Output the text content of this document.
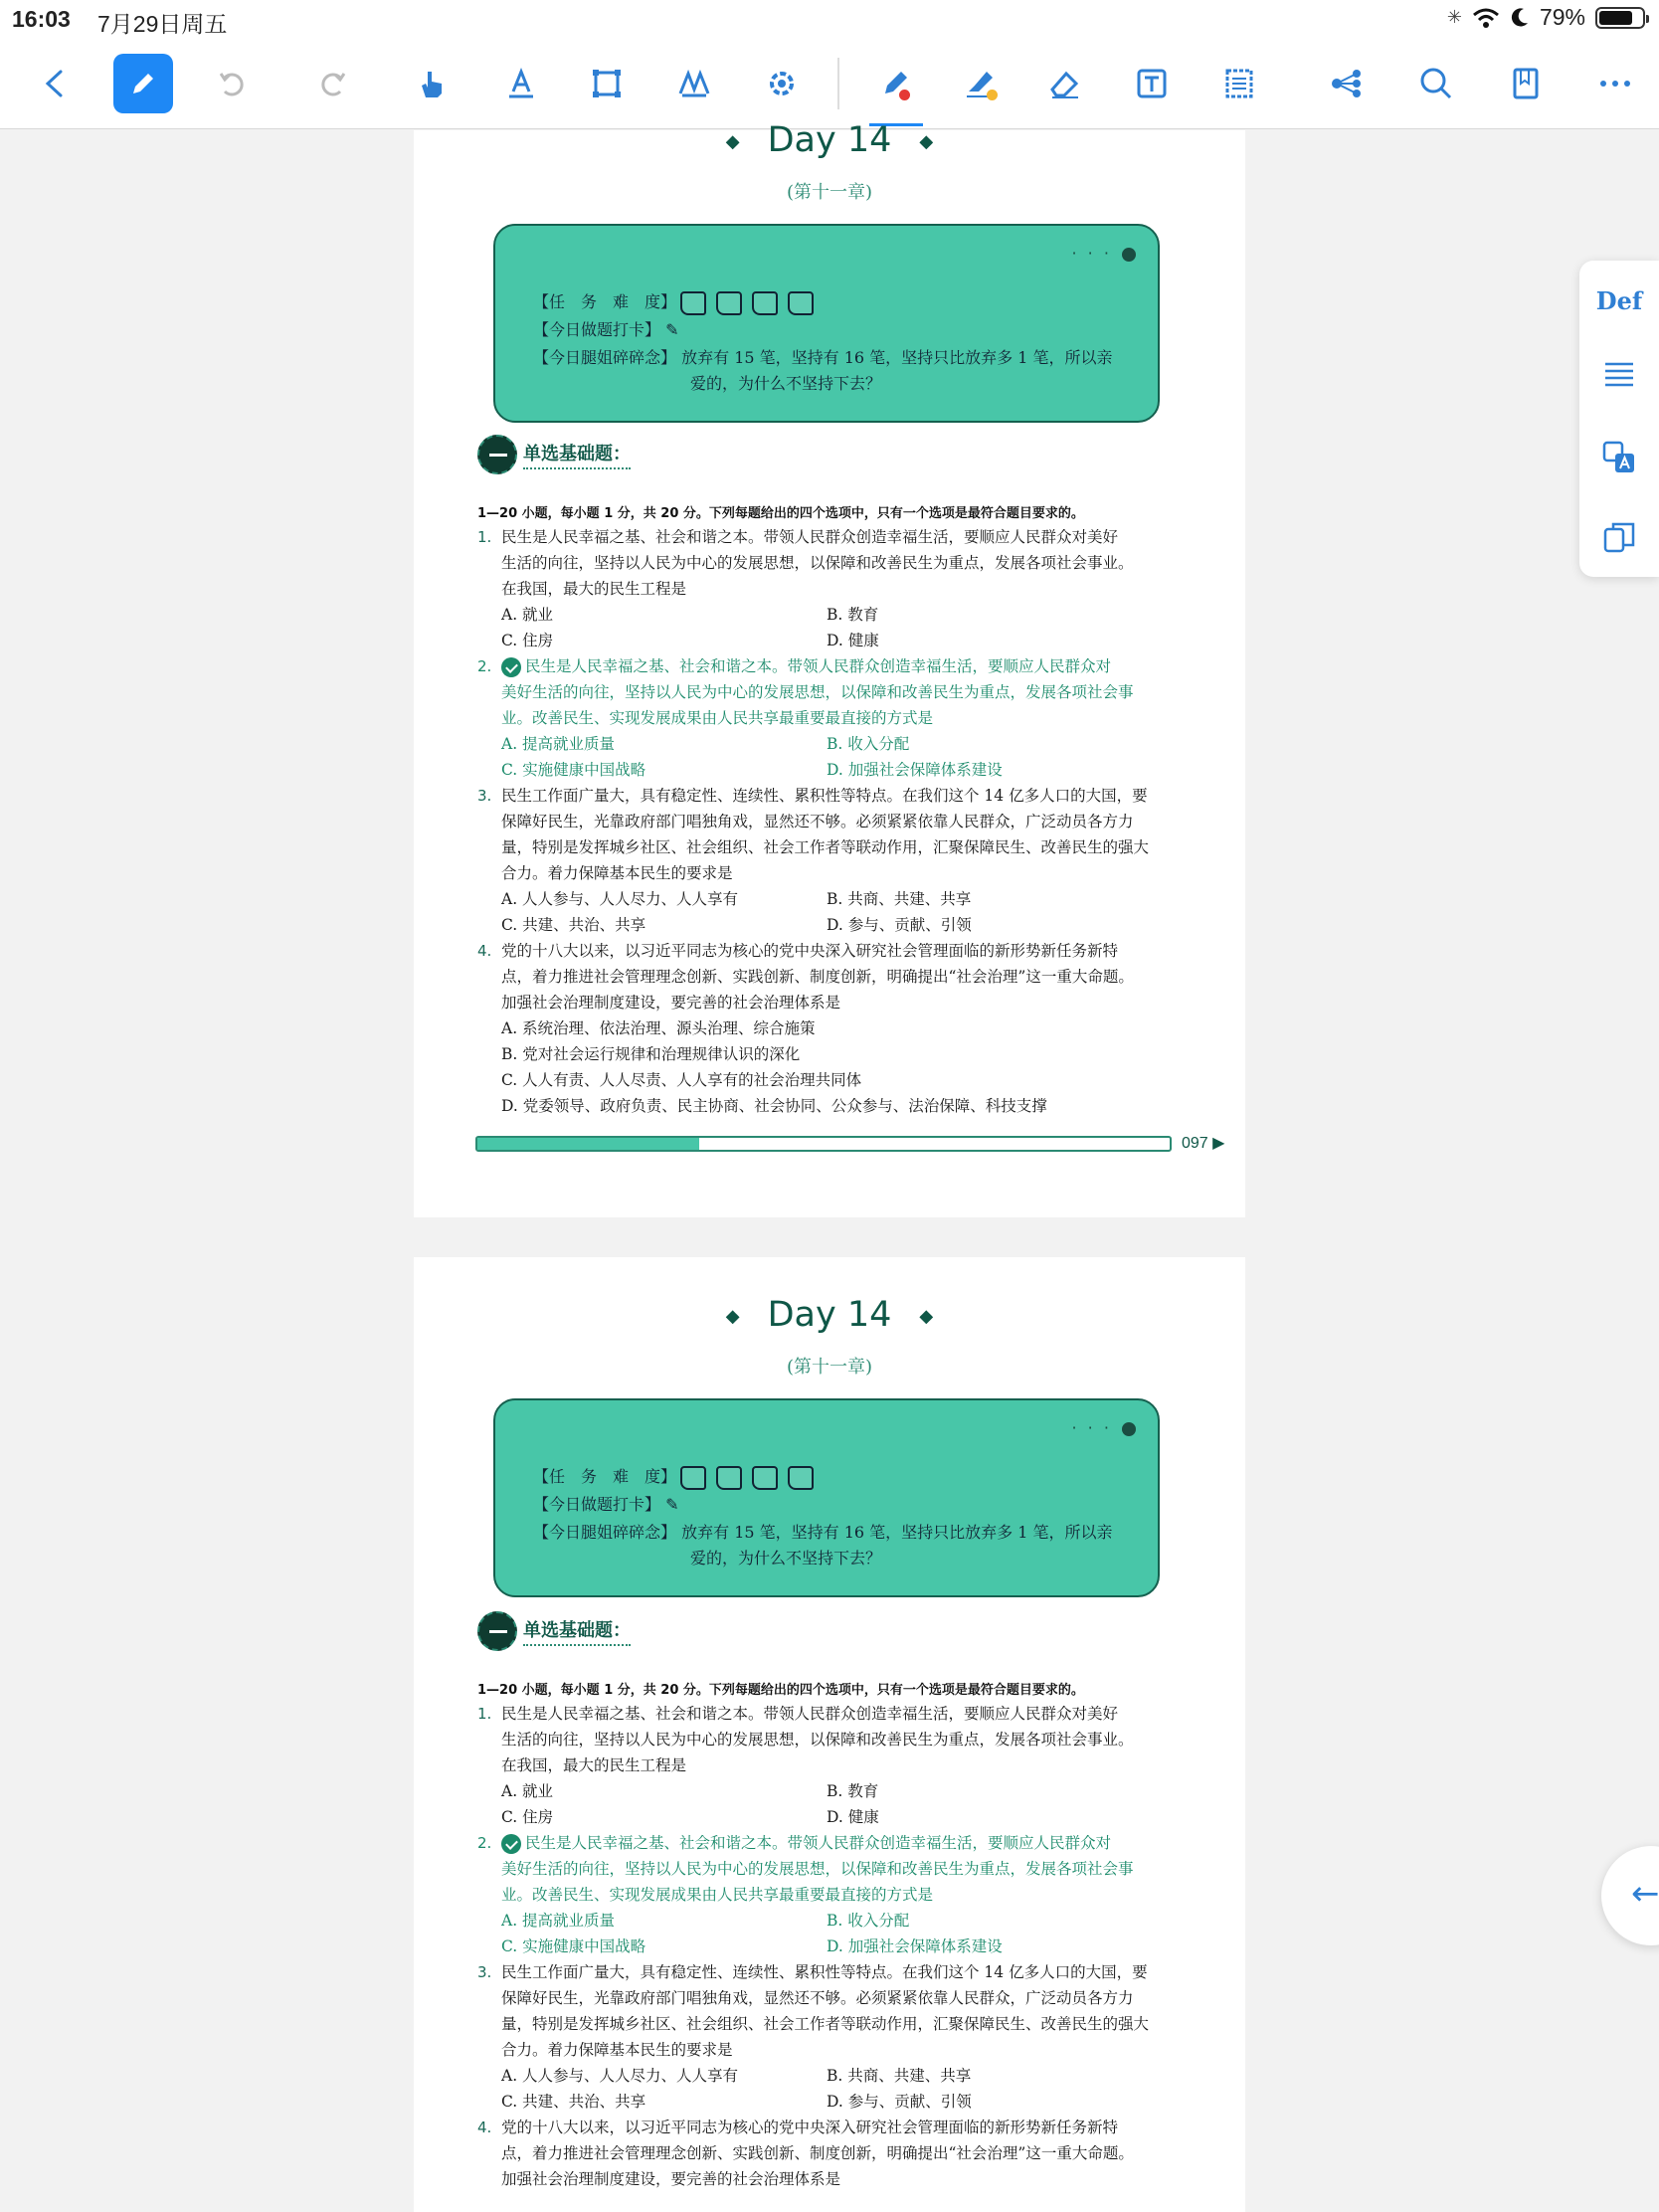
16:03 7月29日周五	✳	79%
◆ Day 14 ◆
(第十一章)
· · ·
【任　务　难　度】
【今日做题打卡】 ✎
【今日腿姐碎碎念】 放弃有 15 笔，坚持有 16 笔，坚持只比放弃多 1 笔，所以亲
爱的，为什么不坚持下去？
单选基础题：
1—20 小题，每小题 1 分，共 20 分。下列每题给出的四个选项中，只有一个选项是最符合题目要求的。
1. 民生是人民幸福之基、社会和谐之本。带领人民群众创造幸福生活，要顺应人民群众对美好
生活的向往，坚持以人民为中心的发展思想，以保障和改善民生为重点，发展各项社会事业。
在我国，最大的民生工程是
A. 就业	B. 教育
C. 住房	D. 健康
2.	民生是人民幸福之基、社会和谐之本。带领人民群众创造幸福生活，要顺应人民群众对
美好生活的向往，坚持以人民为中心的发展思想，以保障和改善民生为重点，发展各项社会事
业。改善民生、实现发展成果由人民共享最重要最直接的方式是
A. 提高就业质量	B. 收入分配
C. 实施健康中国战略	D. 加强社会保障体系建设
3. 民生工作面广量大，具有稳定性、连续性、累积性等特点。在我们这个 14 亿多人口的大国，要
保障好民生，光靠政府部门唱独角戏，显然还不够。必须紧紧依靠人民群众，广泛动员各方力
量，特别是发挥城乡社区、社会组织、社会工作者等联动作用，汇聚保障民生、改善民生的强大
合力。着力保障基本民生的要求是
A. 人人参与、人人尽力、人人享有	B. 共商、共建、共享
C. 共建、共治、共享	D. 参与、贡献、引领
4. 党的十八大以来，以习近平同志为核心的党中央深入研究社会管理面临的新形势新任务新特
点，着力推进社会管理理念创新、实践创新、制度创新，明确提出“社会治理”这一重大命题。
加强社会治理制度建设，要完善的社会治理体系是
A. 系统治理、依法治理、源头治理、综合施策
B. 党对社会运行规律和治理规律认识的深化
C. 人人有责、人人尽责、人人享有的社会治理共同体
D. 党委领导、政府负责、民主协商、社会协同、公众参与、法治保障、科技支撑
097 ▶
◆ Day 14 ◆
(第十一章)
· · ·
【任　务　难　度】
【今日做题打卡】 ✎
【今日腿姐碎碎念】 放弃有 15 笔，坚持有 16 笔，坚持只比放弃多 1 笔，所以亲
爱的，为什么不坚持下去？
单选基础题：
1—20 小题，每小题 1 分，共 20 分。下列每题给出的四个选项中，只有一个选项是最符合题目要求的。
1. 民生是人民幸福之基、社会和谐之本。带领人民群众创造幸福生活，要顺应人民群众对美好
生活的向往，坚持以人民为中心的发展思想，以保障和改善民生为重点，发展各项社会事业。
在我国，最大的民生工程是
A. 就业	B. 教育
C. 住房	D. 健康
2.	民生是人民幸福之基、社会和谐之本。带领人民群众创造幸福生活，要顺应人民群众对
美好生活的向往，坚持以人民为中心的发展思想，以保障和改善民生为重点，发展各项社会事
业。改善民生、实现发展成果由人民共享最重要最直接的方式是
A. 提高就业质量	B. 收入分配
C. 实施健康中国战略	D. 加强社会保障体系建设
3. 民生工作面广量大，具有稳定性、连续性、累积性等特点。在我们这个 14 亿多人口的大国，要
保障好民生，光靠政府部门唱独角戏，显然还不够。必须紧紧依靠人民群众，广泛动员各方力
量，特别是发挥城乡社区、社会组织、社会工作者等联动作用，汇聚保障民生、改善民生的强大
合力。着力保障基本民生的要求是
A. 人人参与、人人尽力、人人享有	B. 共商、共建、共享
C. 共建、共治、共享	D. 参与、贡献、引领
4. 党的十八大以来，以习近平同志为核心的党中央深入研究社会管理面临的新形势新任务新特
点，着力推进社会管理理念创新、实践创新、制度创新，明确提出“社会治理”这一重大命题。
加强社会治理制度建设，要完善的社会治理体系是
Def
←
